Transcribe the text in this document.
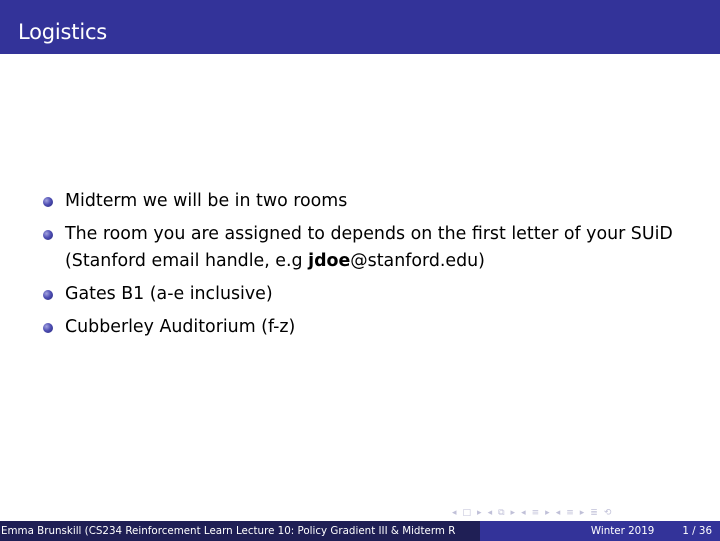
Logistics
Midterm we will be in two rooms
The room you are assigned to depends on the first letter of your SUiD
(Stanford email handle, e.g jdoe@stanford.edu)
Gates B1 (a-e inclusive)
Cubberley Auditorium (f-z)
◂ □ ▸ ◂ ⧉ ▸ ◂ ≡ ▸ ◂ ≡ ▸ ≣ ⟲
Emma Brunskill (CS234 Reinforcement Learn Lecture 10: Policy Gradient III & Midterm R	Winter 2019	1 / 36
